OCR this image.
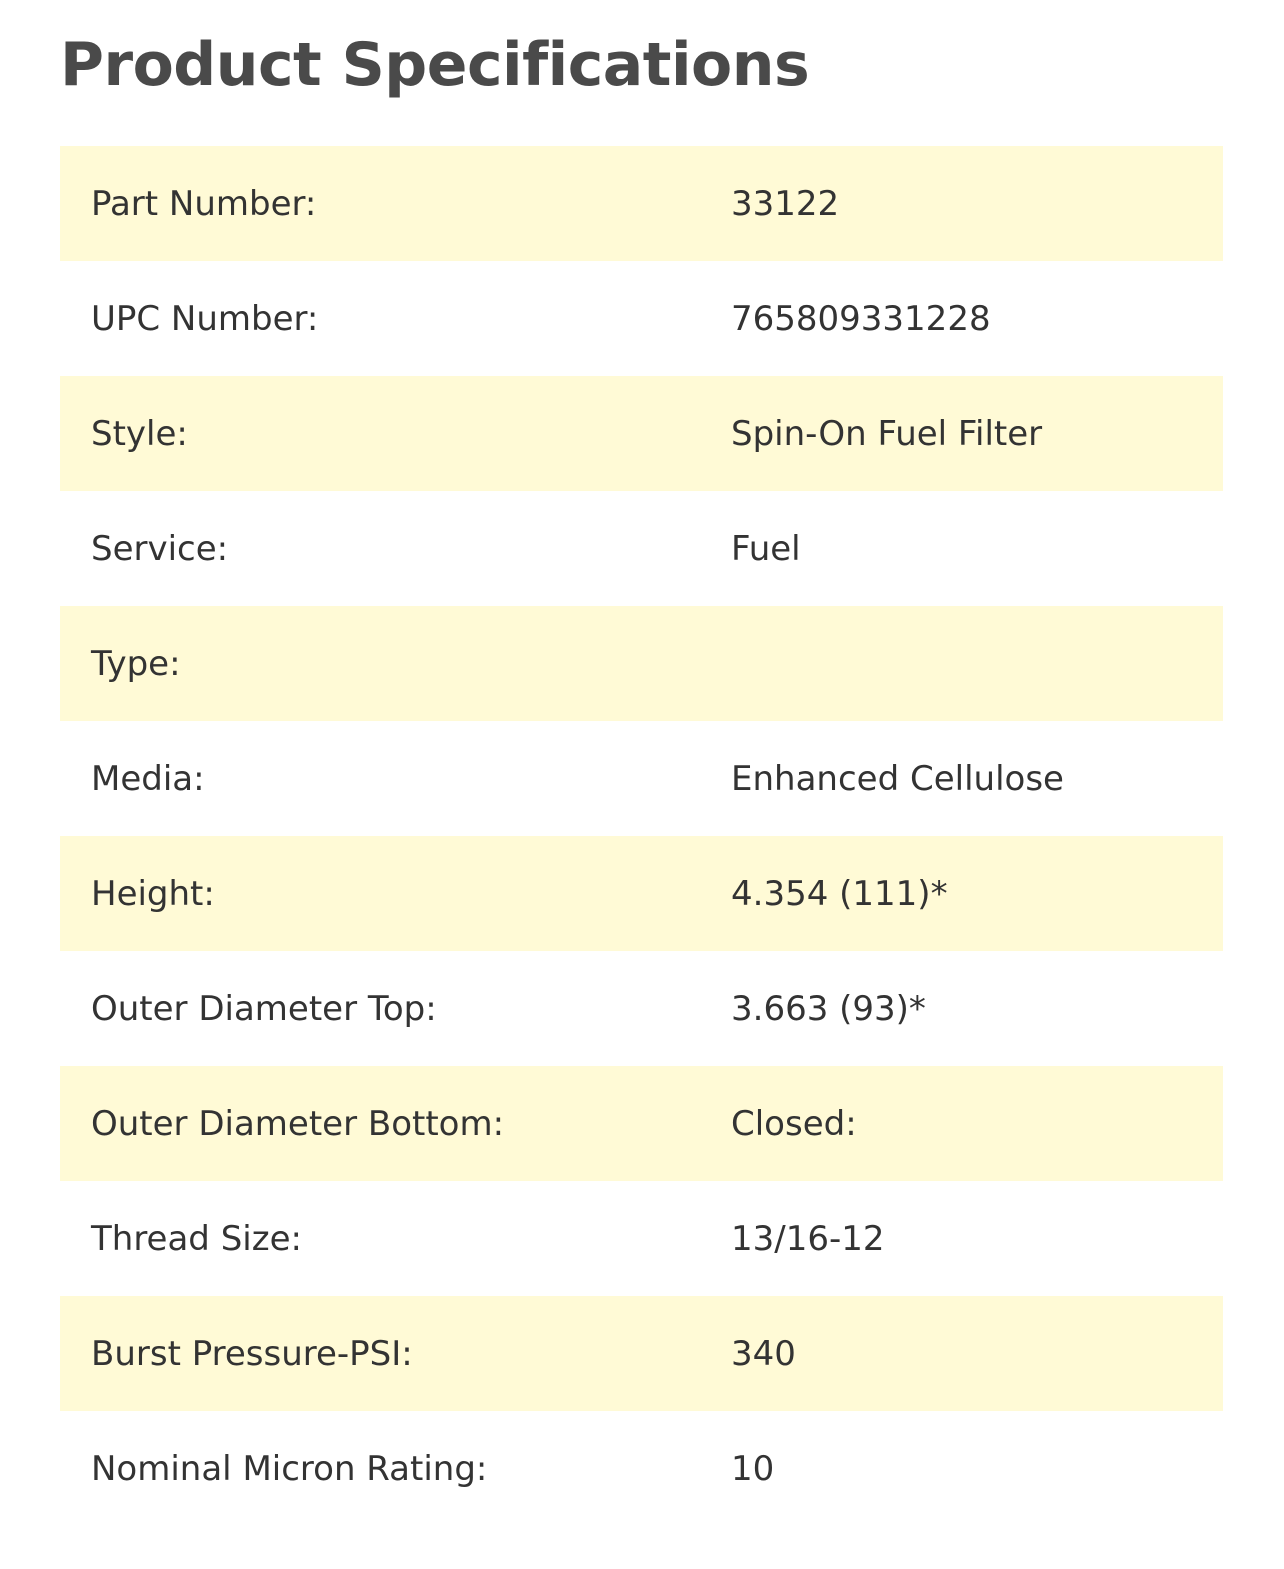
Product Specifications
Part Number:	33122
UPC Number:	765809331228
Style:	Spin-On Fuel Filter
Service:	Fuel
Type:
Media:	Enhanced Cellulose
Height:	4.354 (111)*
Outer Diameter Top:	3.663 (93)*
Outer Diameter Bottom:	Closed:
Thread Size:	13/16-12
Burst Pressure-PSI:	340
Nominal Micron Rating:	10
